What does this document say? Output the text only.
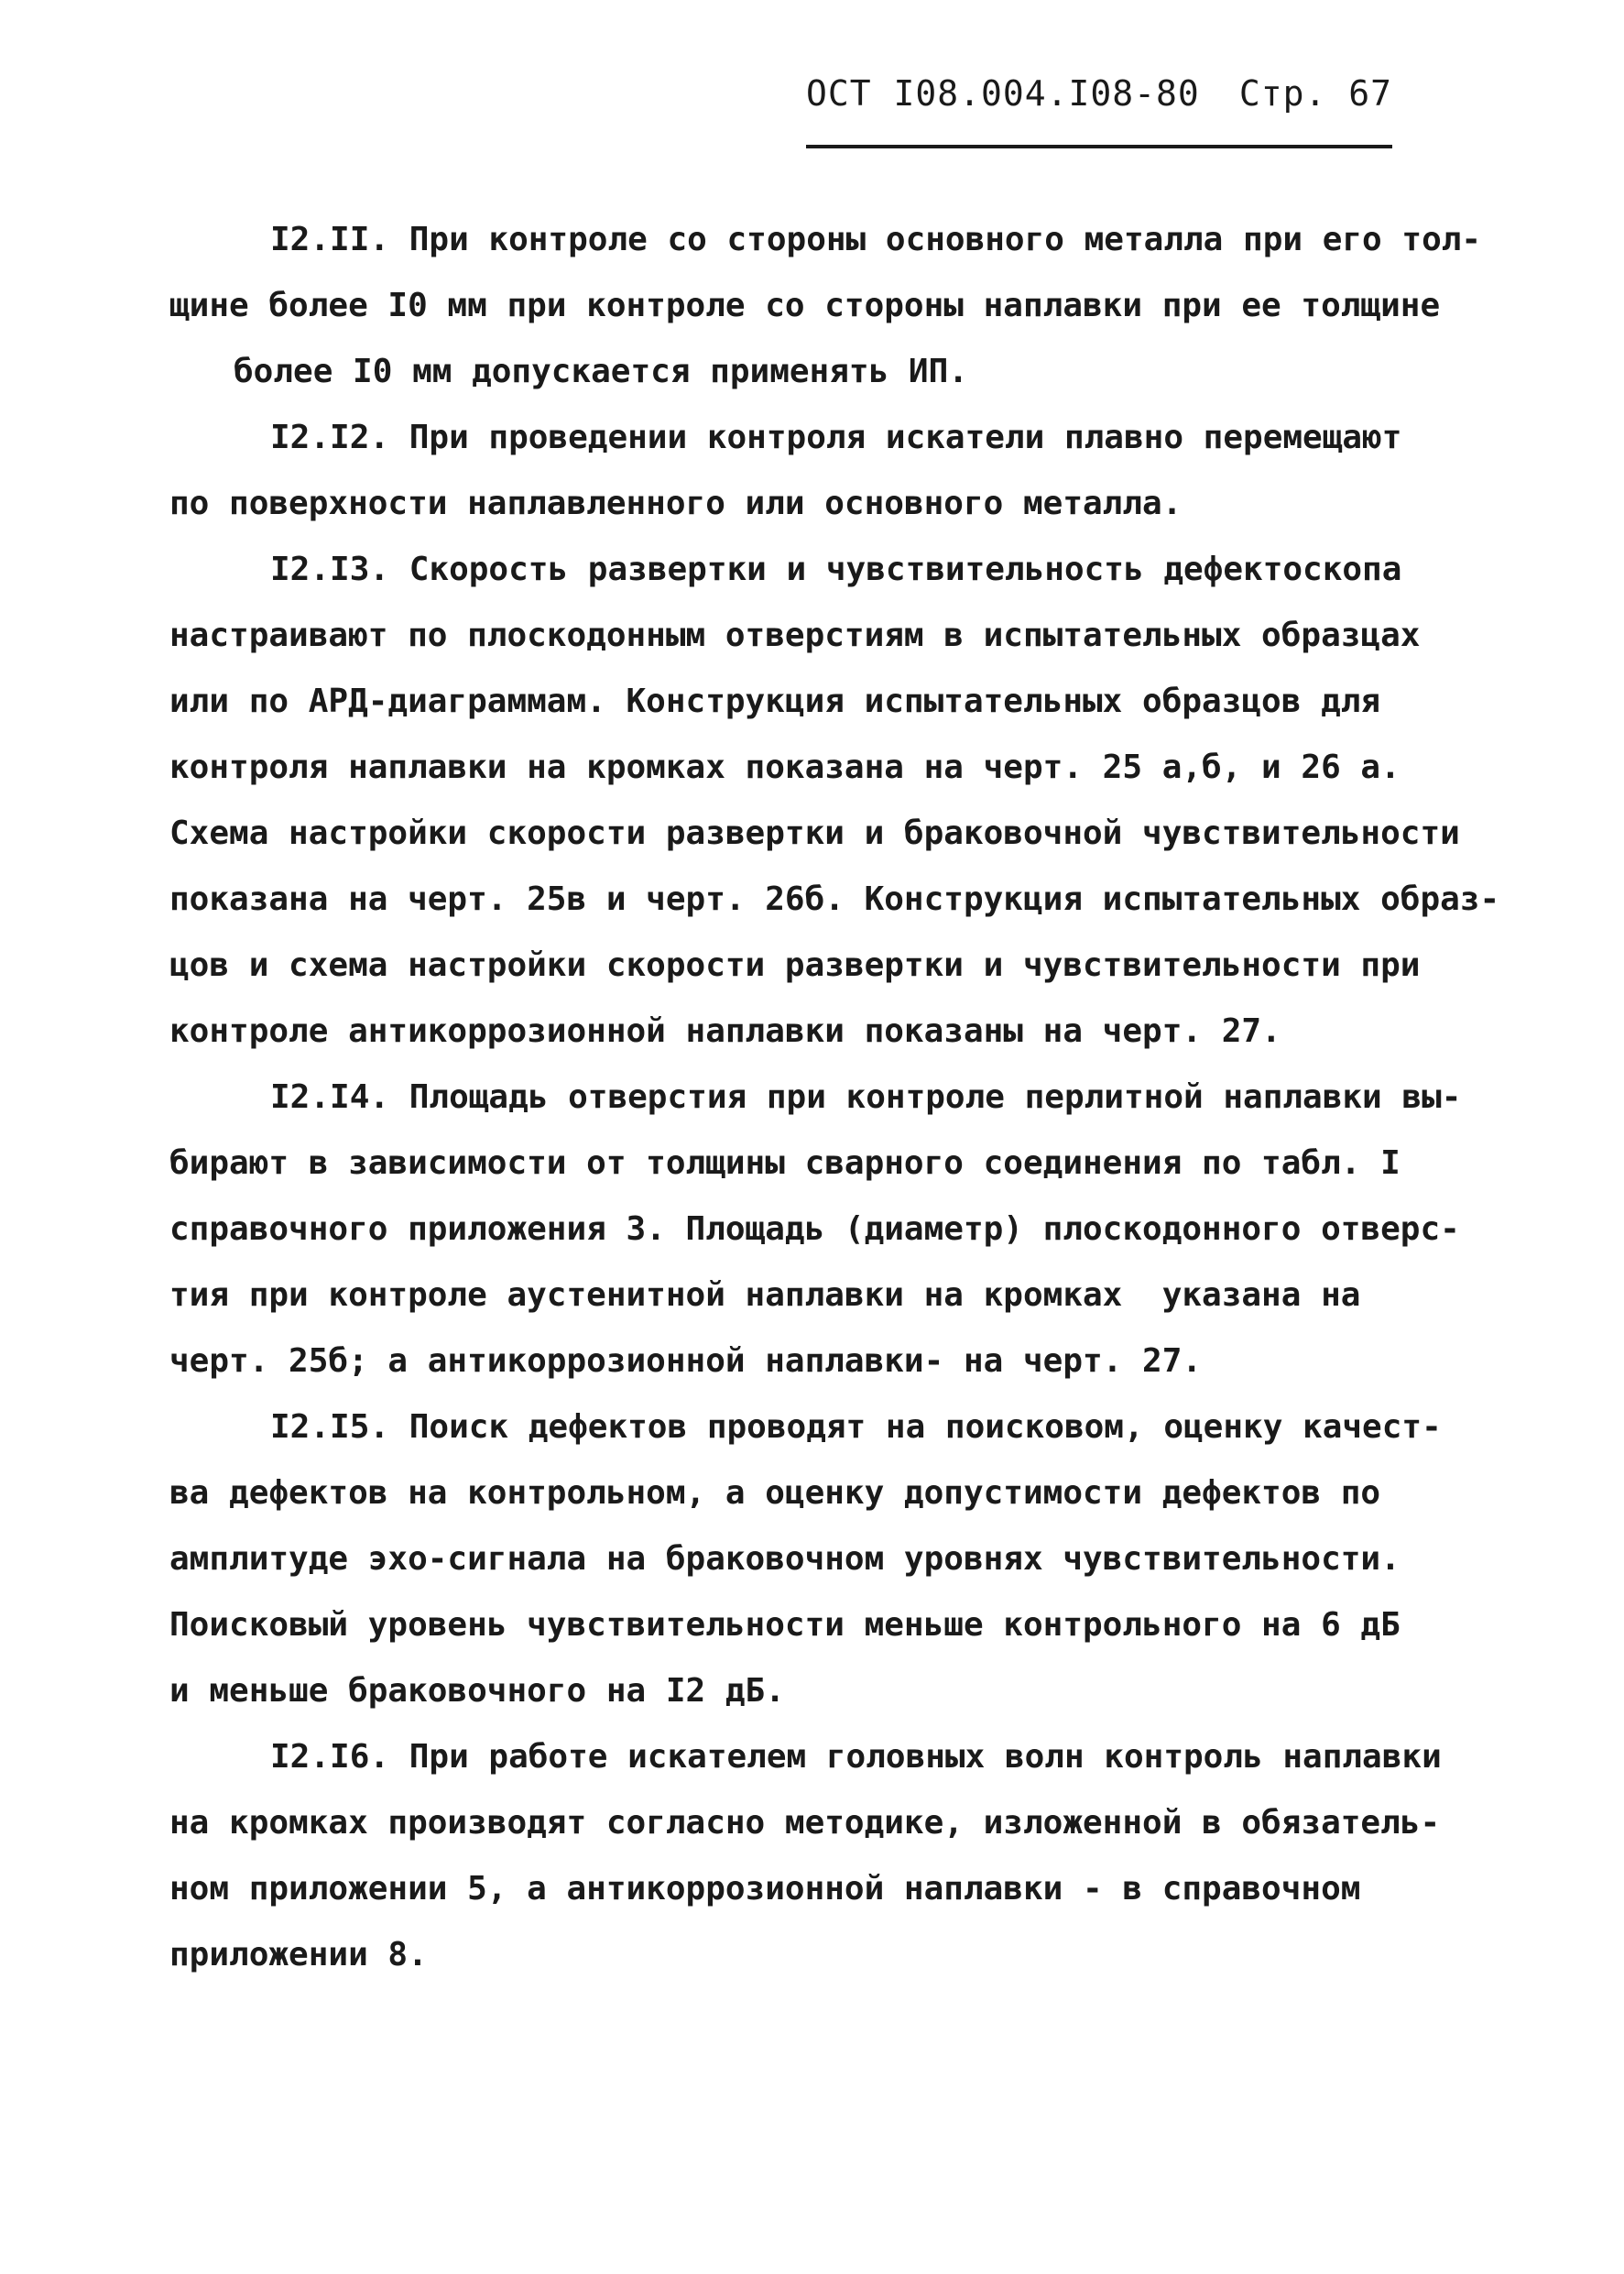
ОСТ I08.004.I08-80 Стр. 67
I2.II. При контроле со стороны основного металла при его тол-
щине более I0 мм при контроле со стороны наплавки при ее толщине
более I0 мм допускается применять ИП.
I2.I2. При проведении контроля искатели плавно перемещают
по поверхности наплавленного или основного металла.
I2.I3. Скорость развертки и чувствительность дефектоскопа
настраивают по плоскодонным отверстиям в испытательных образцах
или по АРД-диаграммам. Конструкция испытательных образцов для
контроля наплавки на кромках показана на черт. 25 а,б, и 26 а.
Схема настройки скорости развертки и браковочной чувствительности
показана на черт. 25в и черт. 26б. Конструкция испытательных образ-
цов и схема настройки скорости развертки и чувствительности при
контроле антикоррозионной наплавки показаны на черт. 27.
I2.I4. Площадь отверстия при контроле перлитной наплавки вы-
бирают в зависимости от толщины сварного соединения по табл. I
справочного приложения 3. Площадь (диаметр) плоскодонного отверс-
тия при контроле аустенитной наплавки на кромках  указана на
черт. 25б; а антикоррозионной наплавки- на черт. 27.
I2.I5. Поиск дефектов проводят на поисковом, оценку качест-
ва дефектов на контрольном, а оценку допустимости дефектов по
амплитуде эхо-сигнала на браковочном уровнях чувствительности.
Поисковый уровень чувствительности меньше контрольного на 6 дБ
и меньше браковочного на I2 дБ.
I2.I6. При работе искателем головных волн контроль наплавки
на кромках производят согласно методике, изложенной в обязатель-
ном приложении 5, а антикоррозионной наплавки - в справочном
приложении 8.
